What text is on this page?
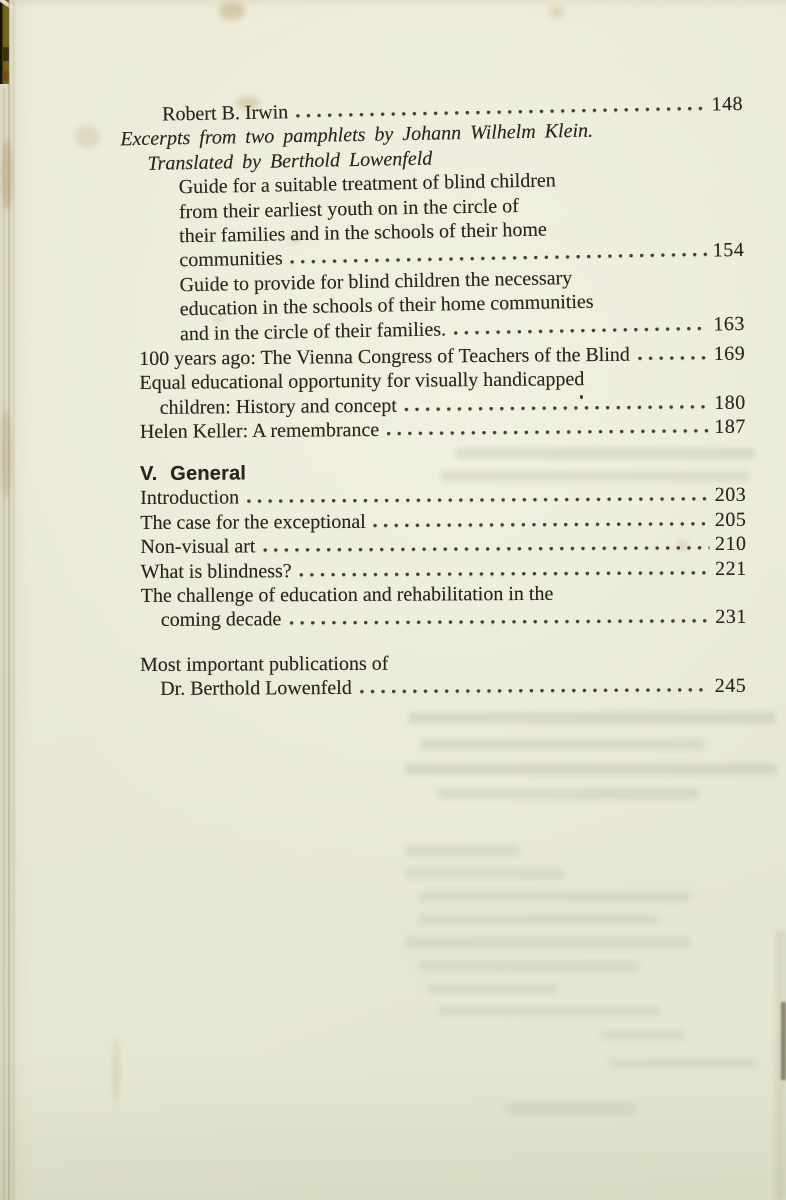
Robert B. Irwin	148
Excerpts from two pamphlets by Johann Wilhelm Klein.
Translated by Berthold Lowenfeld
Guide for a suitable treatment of blind children
from their earliest youth on in the circle of
their families and in the schools of their home
communities	154
Guide to provide for blind children the necessary
education in the schools of their home communities
and in the circle of their families.	163
100 years ago: The Vienna Congress of Teachers of the Blind	169
Equal educational opportunity for visually handicapped
children: History and concept	180
Helen Keller: A remembrance	187
V. General
Introduction	203
The case for the exceptional	205
Non-visual art	210
What is blindness?	221
The challenge of education and rehabilitation in the
coming decade	231
Most important publications of
Dr. Berthold Lowenfeld	245
